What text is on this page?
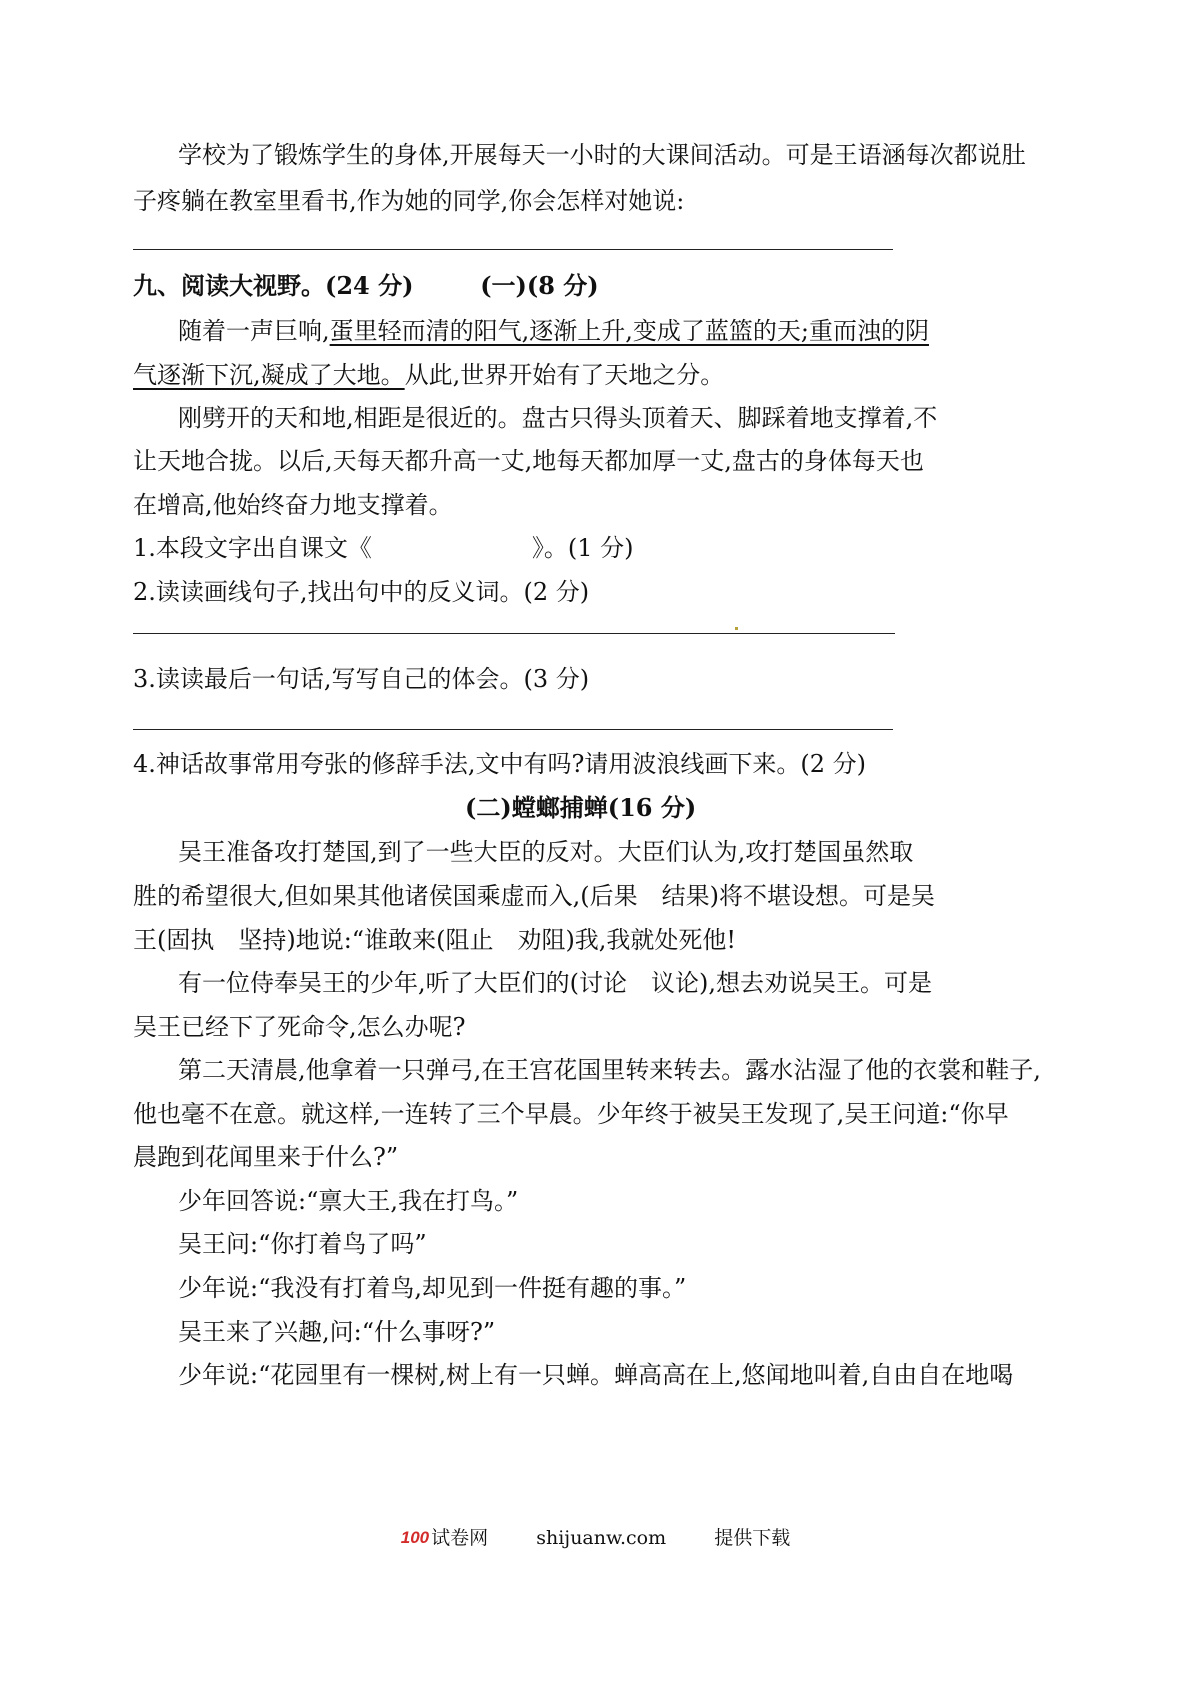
学校为了锻炼学生的身体,开展每天一小时的大课间活动。可是王语涵每次都说肚
子疼躺在教室里看书,作为她的同学,你会怎样对她说:
九、阅读大视野。(24 分)	(一)(8 分)
随着一声巨响,蛋里轻而清的阳气,逐渐上升,变成了蓝篮的天;重而浊的阴
气逐渐下沉,凝成了大地。从此,世界开始有了天地之分。
刚劈开的天和地,相距是很近的。盘古只得头顶着天、脚踩着地支撑着,不
让天地合拢。以后,天每天都升高一丈,地每天都加厚一丈,盘古的身体每天也
在增高,他始终奋力地支撑着。
1.本段文字出自课文《	》。(1 分)
2.读读画线句子,找出句中的反义词。(2 分)
3.读读最后一句话,写写自己的体会。(3 分)
4.神话故事常用夸张的修辞手法,文中有吗?请用波浪线画下来。(2 分)
(二)螳螂捕蝉(16 分)
吴王准备攻打楚国,到了一些大臣的反对。大臣们认为,攻打楚国虽然取
胜的希望很大,但如果其他诸侯国乘虚而入,(后果　结果)将不堪设想。可是吴
王(固执　坚持)地说:“谁敢来(阻止　劝阻)我,我就处死他!
有一位侍奉吴王的少年,听了大臣们的(讨论　议论),想去劝说吴王。可是
吴王已经下了死命令,怎么办呢?
第二天清晨,他拿着一只弹弓,在王宫花国里转来转去。露水沾湿了他的衣裳和鞋子,
他也毫不在意。就这样,一连转了三个早晨。少年终于被吴王发现了,吴王问道:“你早
晨跑到花闻里来于什么?”
少年回答说:“禀大王,我在打鸟。”
吴王问:“你打着鸟了吗”
少年说:“我没有打着鸟,却见到一件挺有趣的事。”
吴王来了兴趣,问:“什么事呀?”
少年说:“花园里有一棵树,树上有一只蝉。蝉高高在上,悠闻地叫着,自由自在地喝
100 试卷网	shijuanw.com	提供下载
